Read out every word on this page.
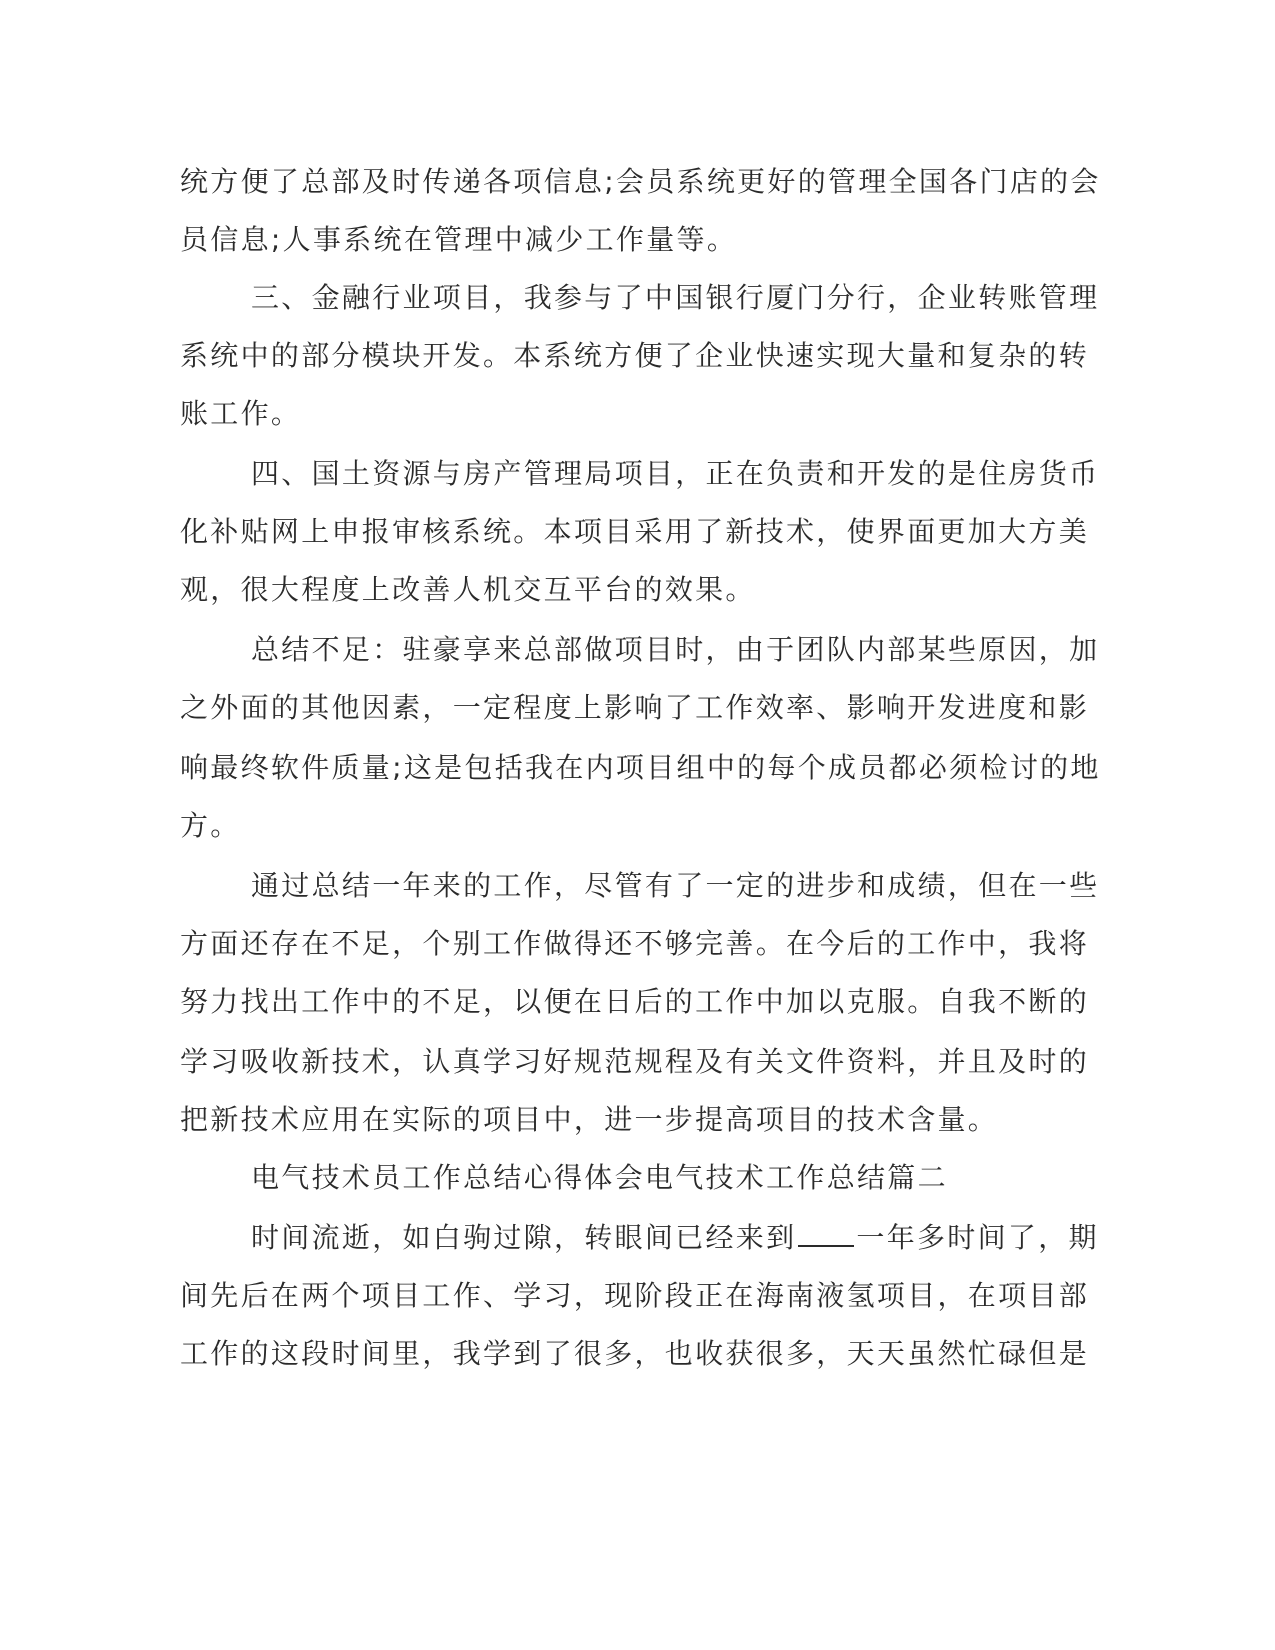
统方便了总部及时传递各项信息;会员系统更好的管理全国各门店的会
员信息;人事系统在管理中减少工作量等。
三、金融行业项目，我参与了中国银行厦门分行，企业转账管理
系统中的部分模块开发。本系统方便了企业快速实现大量和复杂的转
账工作。
四、国土资源与房产管理局项目，正在负责和开发的是住房货币
化补贴网上申报审核系统。本项目采用了新技术，使界面更加大方美
观，很大程度上改善人机交互平台的效果。
总结不足：驻豪享来总部做项目时，由于团队内部某些原因，加
之外面的其他因素，一定程度上影响了工作效率、影响开发进度和影
响最终软件质量;这是包括我在内项目组中的每个成员都必须检讨的地
方。
通过总结一年来的工作，尽管有了一定的进步和成绩，但在一些
方面还存在不足，个别工作做得还不够完善。在今后的工作中，我将
努力找出工作中的不足，以便在日后的工作中加以克服。自我不断的
学习吸收新技术，认真学习好规范规程及有关文件资料，并且及时的
把新技术应用在实际的项目中，进一步提高项目的技术含量。
电气技术员工作总结心得体会电气技术工作总结篇二
时间流逝，如白驹过隙，转眼间已经来到 一年多时间了，期
间先后在两个项目工作、学习，现阶段正在海南液氢项目，在项目部
工作的这段时间里，我学到了很多，也收获很多，天天虽然忙碌但是
